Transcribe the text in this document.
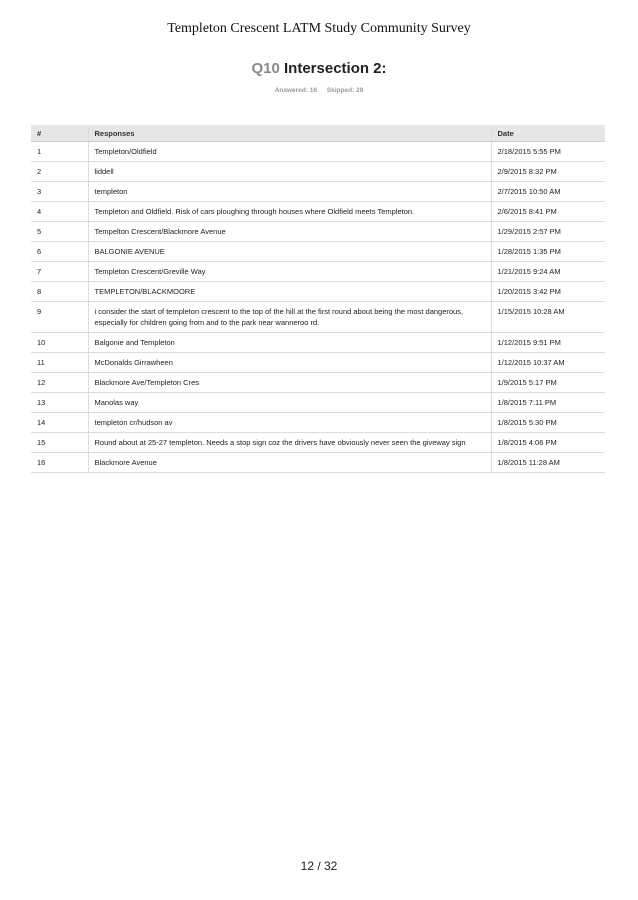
Templeton Crescent LATM Study Community Survey
Q10 Intersection 2:
Answered: 16 Skipped: 29
#	Responses	Date
1	Templeton/Oldfield	2/18/2015 5:55 PM
2	liddell	2/9/2015 8:32 PM
3	templeton	2/7/2015 10:50 AM
4	Templeton and Oldfield. Risk of cars ploughing through houses where Oldfield meets Templeton.	2/6/2015 8:41 PM
5	Tempelton Crescent/Blackmore Avenue	1/29/2015 2:57 PM
6	BALGONIE AVENUE	1/28/2015 1:35 PM
7	Templeton Crescent/Greville Way	1/21/2015 9:24 AM
8	TEMPLETON/BLACKMOORE	1/20/2015 3:42 PM
9	i consider the start of templeton crescent to the top of the hill at the first round about being the most dangerous, especially for children going from and to the park near wanneroo rd.	1/15/2015 10:28 AM
10	Balgonie and Templeton	1/12/2015 9:51 PM
11	McDonalds Girrawheen	1/12/2015 10:37 AM
12	Blackmore Ave/Templeton Cres	1/9/2015 5:17 PM
13	Manolas way	1/8/2015 7:11 PM
14	templeton cr/hudson av	1/8/2015 5:30 PM
15	Round about at 25-27 templeton. Needs a stop sign coz the drivers have obviously never seen the giveway sign	1/8/2015 4:06 PM
16	Blackmore Avenue	1/8/2015 11:28 AM
12 / 32
